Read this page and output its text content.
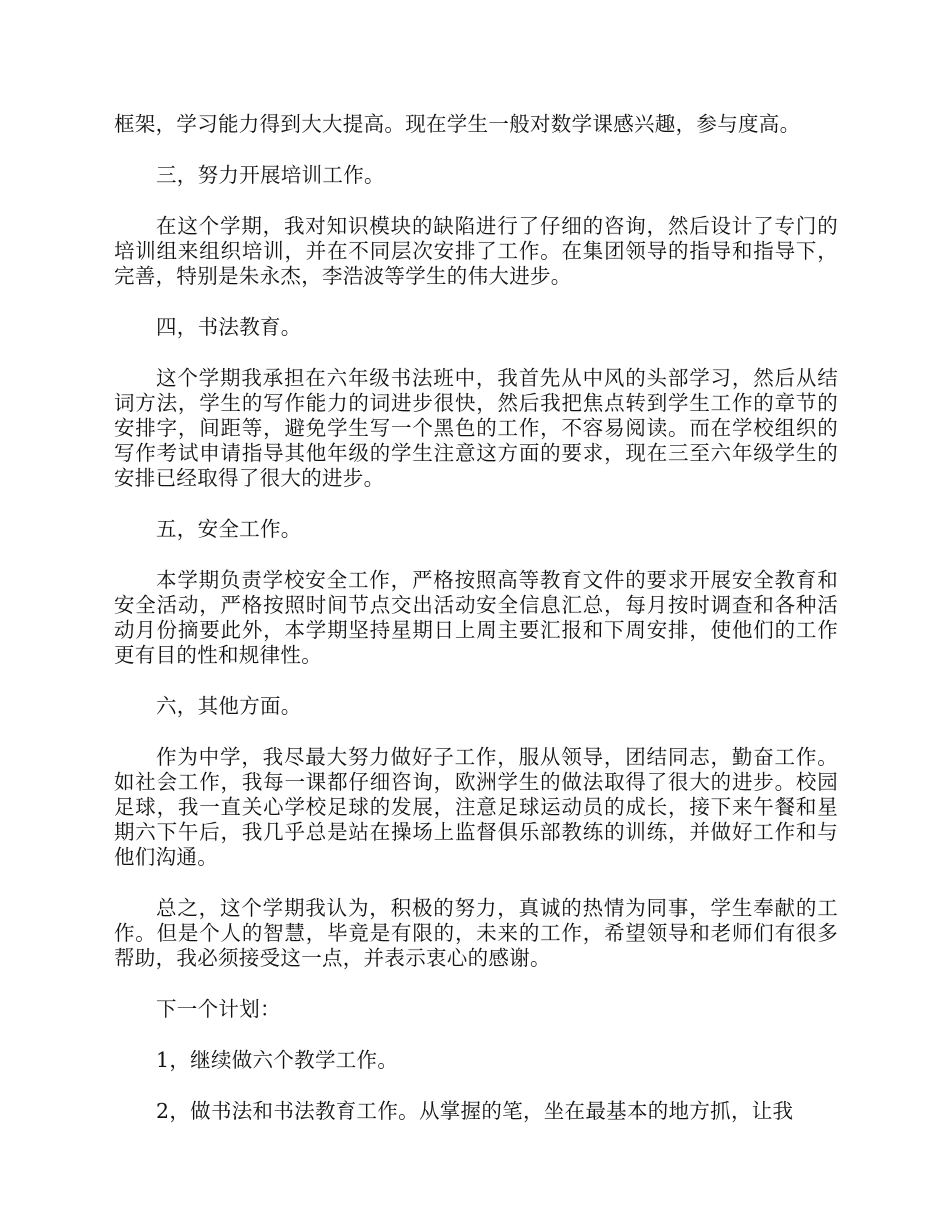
框架，学习能力得到大大提高。现在学生一般对数学课感兴趣，参与度高。

三，努力开展培训工作。

在这个学期，我对知识模块的缺陷进行了仔细的咨询，然后设计了专门的培训组来组织培训，并在不同层次安排了工作。在集团领导的指导和指导下，完善，特别是朱永杰，李浩波等学生的伟大进步。

四，书法教育。

这个学期我承担在六年级书法班中，我首先从中风的头部学习，然后从结词方法，学生的写作能力的词进步很快，然后我把焦点转到学生工作的章节的安排字，间距等，避免学生写一个黑色的工作，不容易阅读。而在学校组织的写作考试申请指导其他年级的学生注意这方面的要求，现在三至六年级学生的安排已经取得了很大的进步。

五，安全工作。

本学期负责学校安全工作，严格按照高等教育文件的要求开展安全教育和安全活动，严格按照时间节点交出活动安全信息汇总，每月按时调查和各种活动月份摘要此外，本学期坚持星期日上周主要汇报和下周安排，使他们的工作更有目的性和规律性。

六，其他方面。

作为中学，我尽最大努力做好子工作，服从领导，团结同志，勤奋工作。如社会工作，我每一课都仔细咨询，欧洲学生的做法取得了很大的进步。校园足球，我一直关心学校足球的发展，注意足球运动员的成长，接下来午餐和星期六下午后，我几乎总是站在操场上监督俱乐部教练的训练，并做好工作和与他们沟通。

总之，这个学期我认为，积极的努力，真诚的热情为同事，学生奉献的工作。但是个人的智慧，毕竟是有限的，未来的工作，希望领导和老师们有很多帮助，我必须接受这一点，并表示衷心的感谢。

下一个计划：

1，继续做六个教学工作。

2，做书法和书法教育工作。从掌握的笔，坐在最基本的地方抓，让我
